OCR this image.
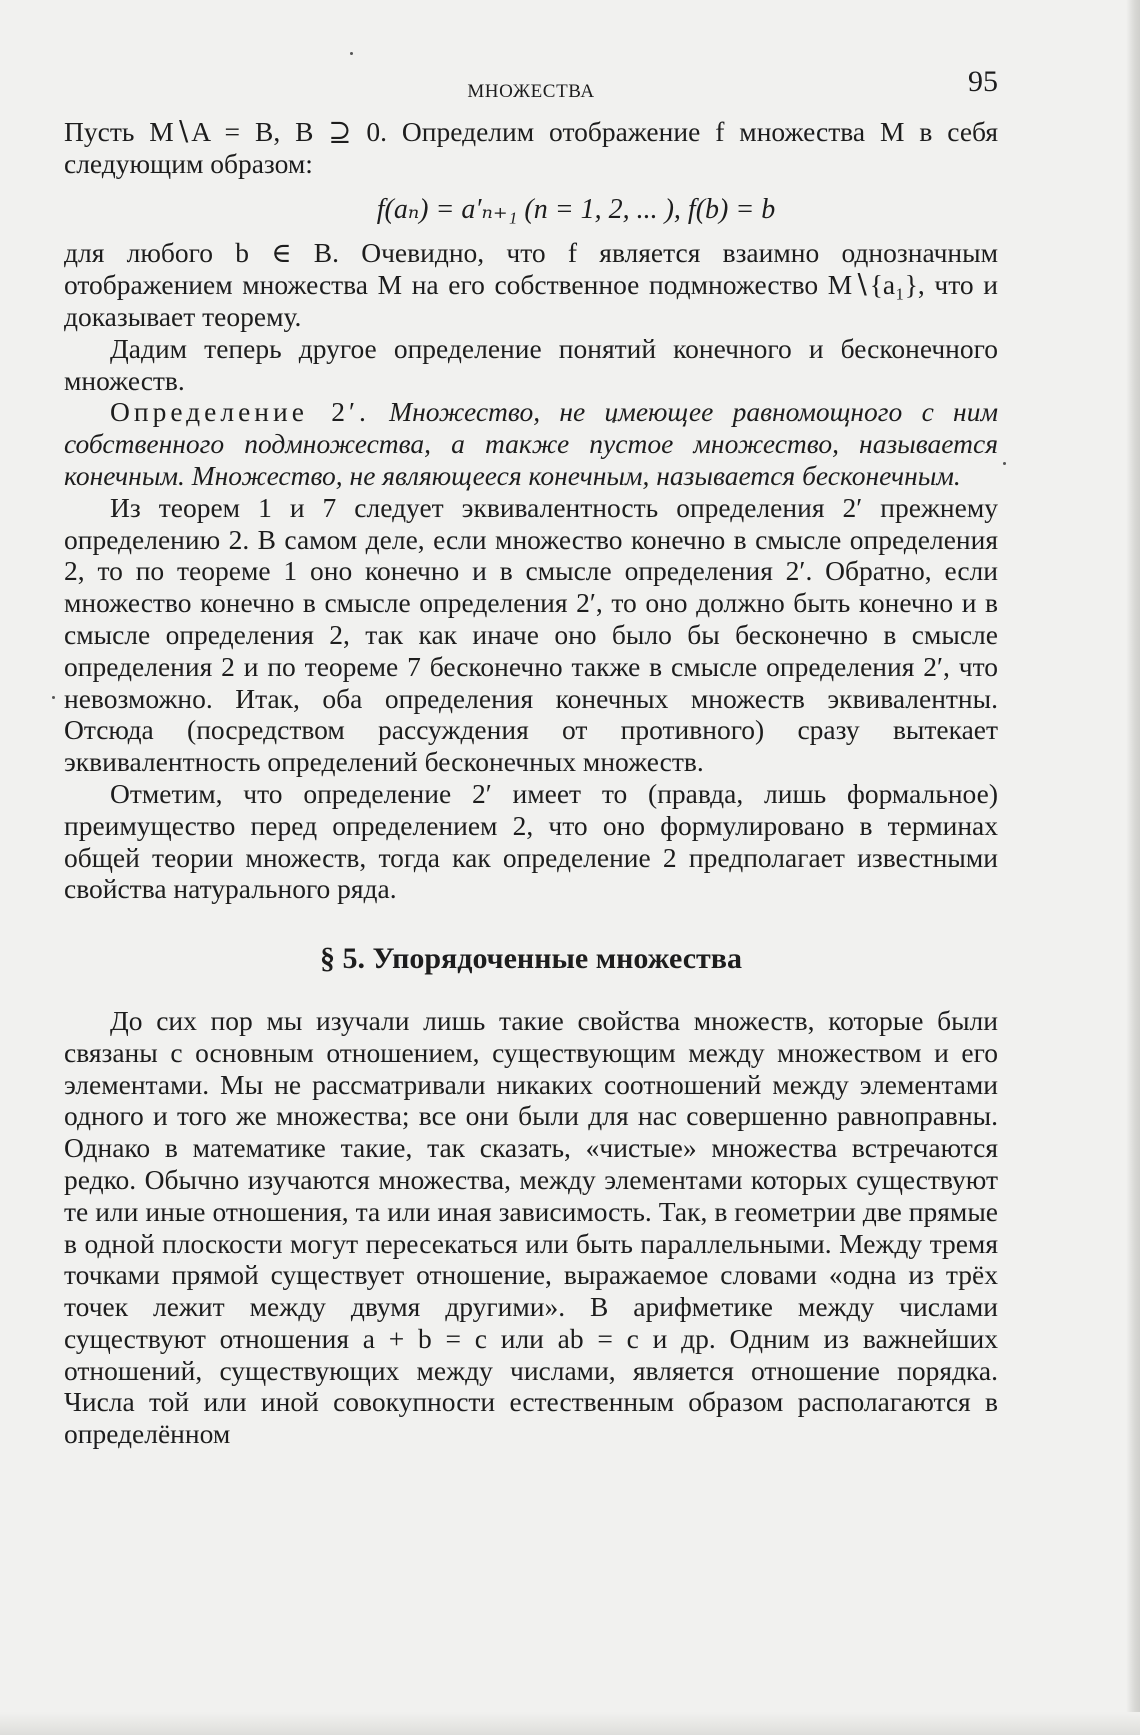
МНОЖЕСТВА	95

Пусть M∖A = B, B ⊇ 0. Определим отображение f множества M в себя следующим образом:

f(aₙ) = a′ₙ₊₁ (n = 1, 2, ... ), f(b) = b

для любого b ∈ B. Очевидно, что f является взаимно однозначным отображением множества M на его собственное подмножество M∖{a₁}, что и доказывает теорему.

Дадим теперь другое определение понятий конечного и бесконечного множеств.

Определение 2′. Множество, не имеющее равномощного с ним собственного подмножества, а также пустое множество, называется конечным. Множество, не являющееся конечным, называется бесконечным.

Из теорем 1 и 7 следует эквивалентность определения 2′ прежнему определению 2. В самом деле, если множество конечно в смысле определения 2, то по теореме 1 оно конечно и в смысле определения 2′. Обратно, если множество конечно в смысле определения 2′, то оно должно быть конечно и в смысле определения 2, так как иначе оно было бы бесконечно в смысле определения 2 и по теореме 7 бесконечно также в смысле определения 2′, что невозможно. Итак, оба определения конечных множеств эквивалентны. Отсюда (посредством рассуждения от противного) сразу вытекает эквивалентность определений бесконечных множеств.

Отметим, что определение 2′ имеет то (правда, лишь формальное) преимущество перед определением 2, что оно формулировано в терминах общей теории множеств, тогда как определение 2 предполагает известными свойства натурального ряда.

§ 5. Упорядоченные множества

До сих пор мы изучали лишь такие свойства множеств, которые были связаны с основным отношением, существующим между множеством и его элементами. Мы не рассматривали никаких соотношений между элементами одного и того же множества; все они были для нас совершенно равноправны. Однако в математике такие, так сказать, «чистые» множества встречаются редко. Обычно изучаются множества, между элементами которых существуют те или иные отношения, та или иная зависимость. Так, в геометрии две прямые в одной плоскости могут пересекаться или быть параллельными. Между тремя точками прямой существует отношение, выражаемое словами «одна из трёх точек лежит между двумя другими». В арифметике между числами существуют отношения a + b = c или ab = c и др. Одним из важнейших отношений, существующих между числами, является отношение порядка. Числа той или иной совокупности естественным образом располагаются в определённом
